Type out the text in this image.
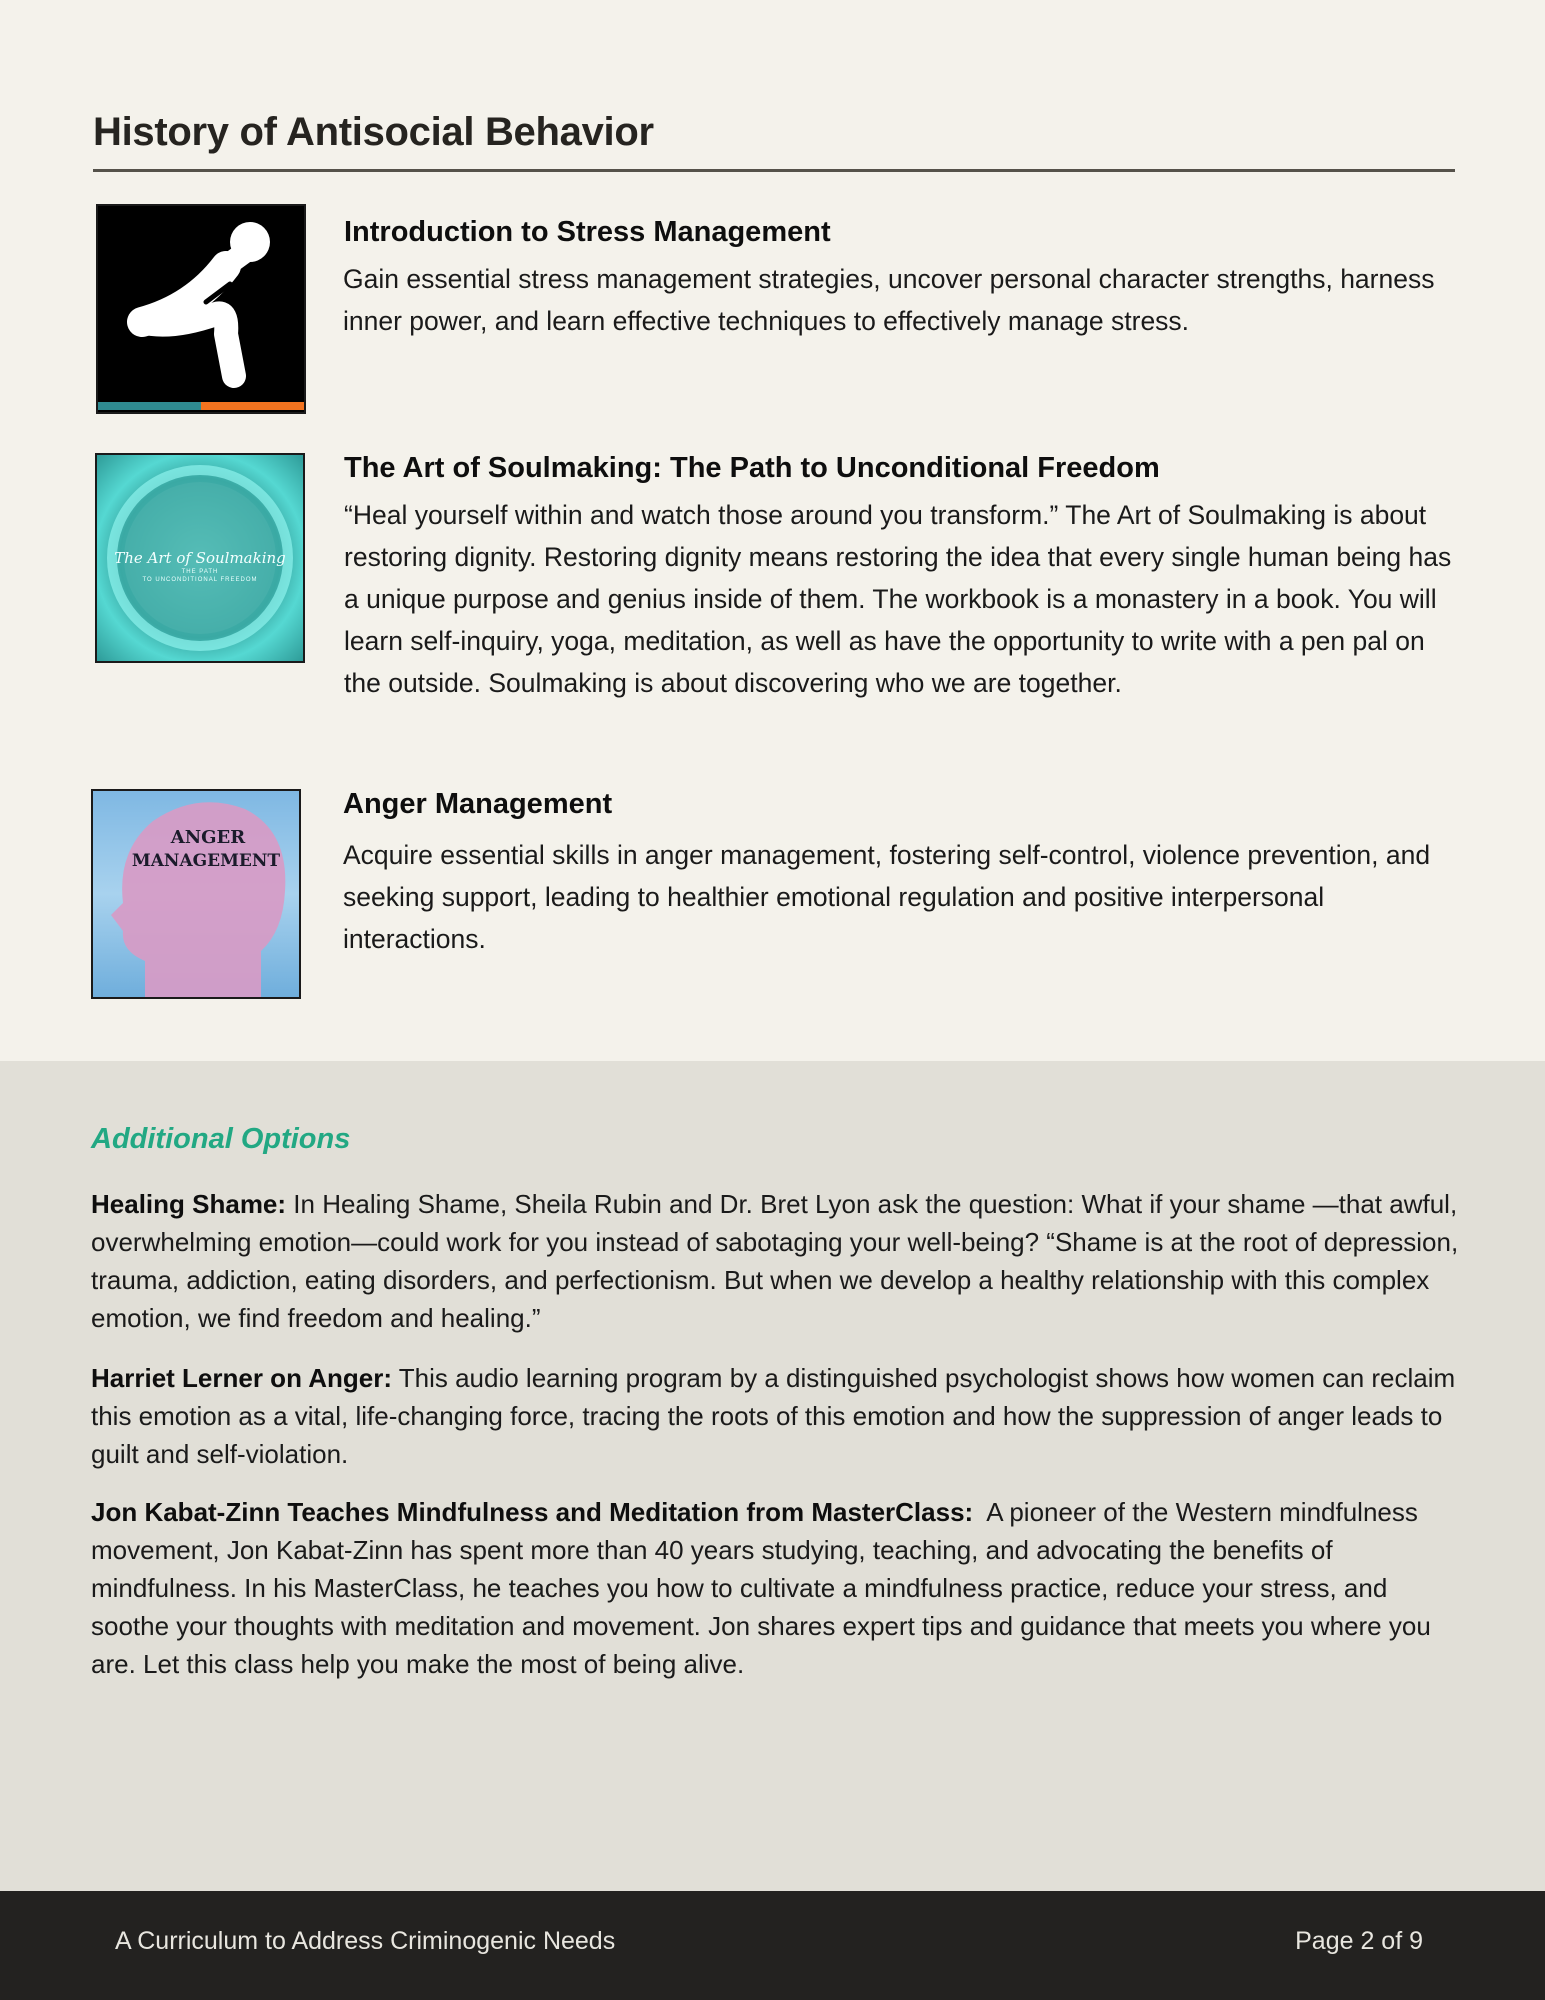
History of Antisocial Behavior
Introduction to Stress Management

Gain essential stress management strategies, uncover personal character strengths, harness inner power, and learn effective techniques to effectively manage stress.

The Art of Soulmaking
THE PATH
TO UNCONDITIONAL FREEDOM
The Art of Soulmaking: The Path to Unconditional Freedom

“Heal yourself within and watch those around you transform.” The Art of Soulmaking is about restoring dignity. Restoring dignity means restoring the idea that every single human being has a unique purpose and genius inside of them. The workbook is a monastery in a book. You will learn self-inquiry, yoga, meditation, as well as have the opportunity to write with a pen pal on the outside. Soulmaking is about discovering who we are together.

ANGER
MANAGEMENT
Anger Management

Acquire essential skills in anger management, fostering self-control, violence prevention, and seeking support, leading to healthier emotional regulation and positive interpersonal interactions.

Additional Options

Healing Shame: In Healing Shame, Sheila Rubin and Dr. Bret Lyon ask the question: What if your shame —that awful, overwhelming emotion—could work for you instead of sabotaging your well-being? “Shame is at the root of depression, trauma, addiction, eating disorders, and perfectionism. But when we develop a healthy relationship with this complex emotion, we find freedom and healing.”

Harriet Lerner on Anger: This audio learning program by a distinguished psychologist shows how women can reclaim this emotion as a vital, life-changing force, tracing the roots of this emotion and how the suppression of anger leads to guilt and self-violation.

Jon Kabat-Zinn Teaches Mindfulness and Meditation from MasterClass:  A pioneer of the Western mindfulness movement, Jon Kabat-Zinn has spent more than 40 years studying, teaching, and advocating the benefits of mindfulness. In his MasterClass, he teaches you how to cultivate a mindfulness practice, reduce your stress, and soothe your thoughts with meditation and movement. Jon shares expert tips and guidance that meets you where you are. Let this class help you make the most of being alive.

A Curriculum to Address Criminogenic Needs	Page 2 of 9
